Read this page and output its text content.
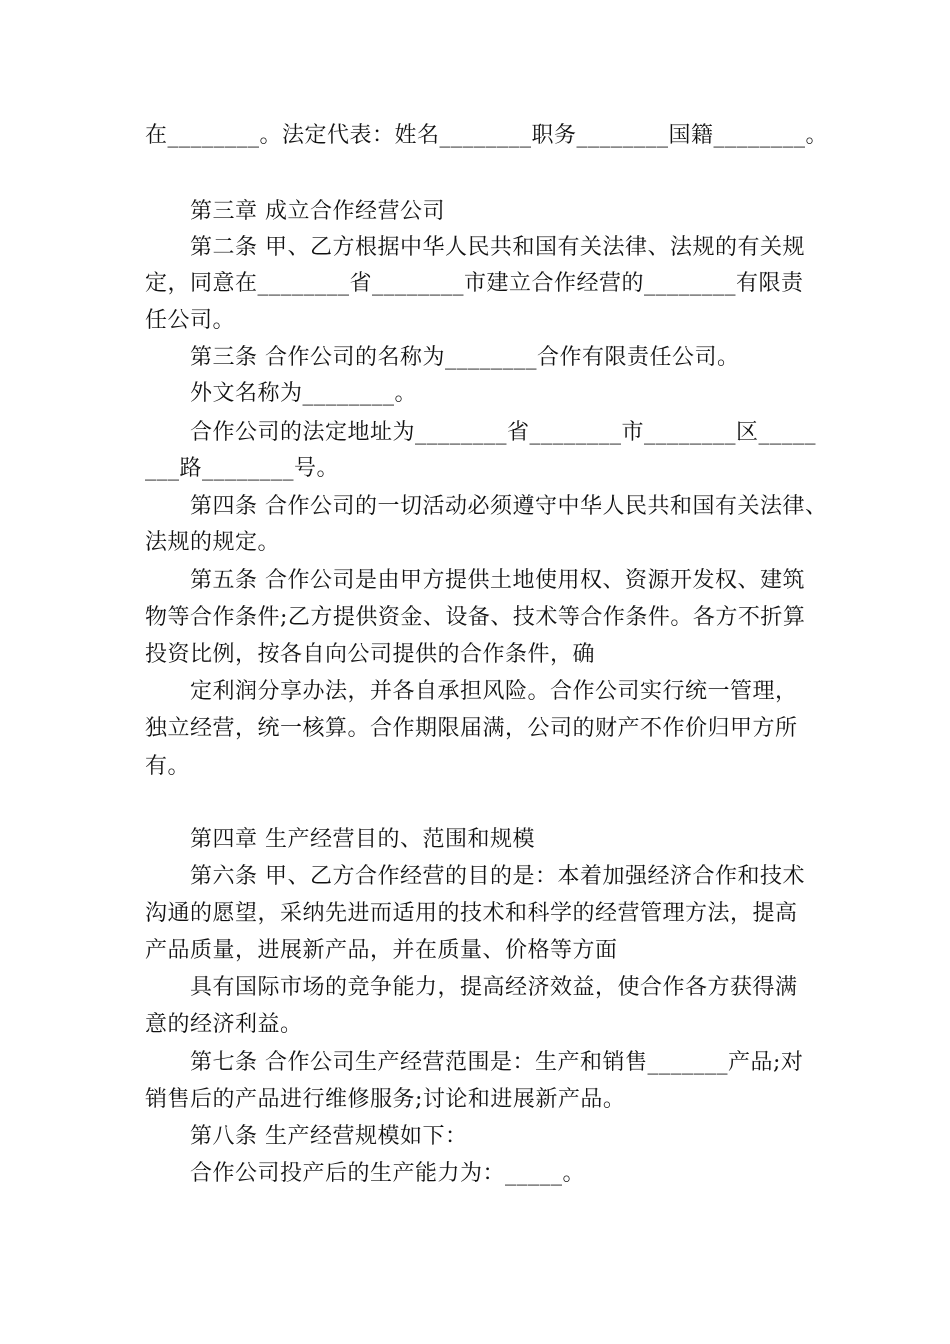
在________。法定代表：姓名________职务________国籍________。
第三章 成立合作经营公司
第二条 甲、乙方根据中华人民共和国有关法律、法规的有关规
定，同意在________省________市建立合作经营的________有限责
任公司。
第三条 合作公司的名称为________合作有限责任公司。
外文名称为________。
合作公司的法定地址为________省________市________区_____
___路________号。
第四条 合作公司的一切活动必须遵守中华人民共和国有关法律、
法规的规定。
第五条 合作公司是由甲方提供土地使用权、资源开发权、建筑
物等合作条件;乙方提供资金、设备、技术等合作条件。各方不折算
投资比例，按各自向公司提供的合作条件，确
定利润分享办法，并各自承担风险。合作公司实行统一管理，
独立经营，统一核算。合作期限届满，公司的财产不作价归甲方所
有。
第四章 生产经营目的、范围和规模
第六条 甲、乙方合作经营的目的是：本着加强经济合作和技术
沟通的愿望，采纳先进而适用的技术和科学的经营管理方法，提高
产品质量，进展新产品，并在质量、价格等方面
具有国际市场的竞争能力，提高经济效益，使合作各方获得满
意的经济利益。
第七条 合作公司生产经营范围是：生产和销售_______产品;对
销售后的产品进行维修服务;讨论和进展新产品。
第八条 生产经营规模如下：
合作公司投产后的生产能力为：_____。
